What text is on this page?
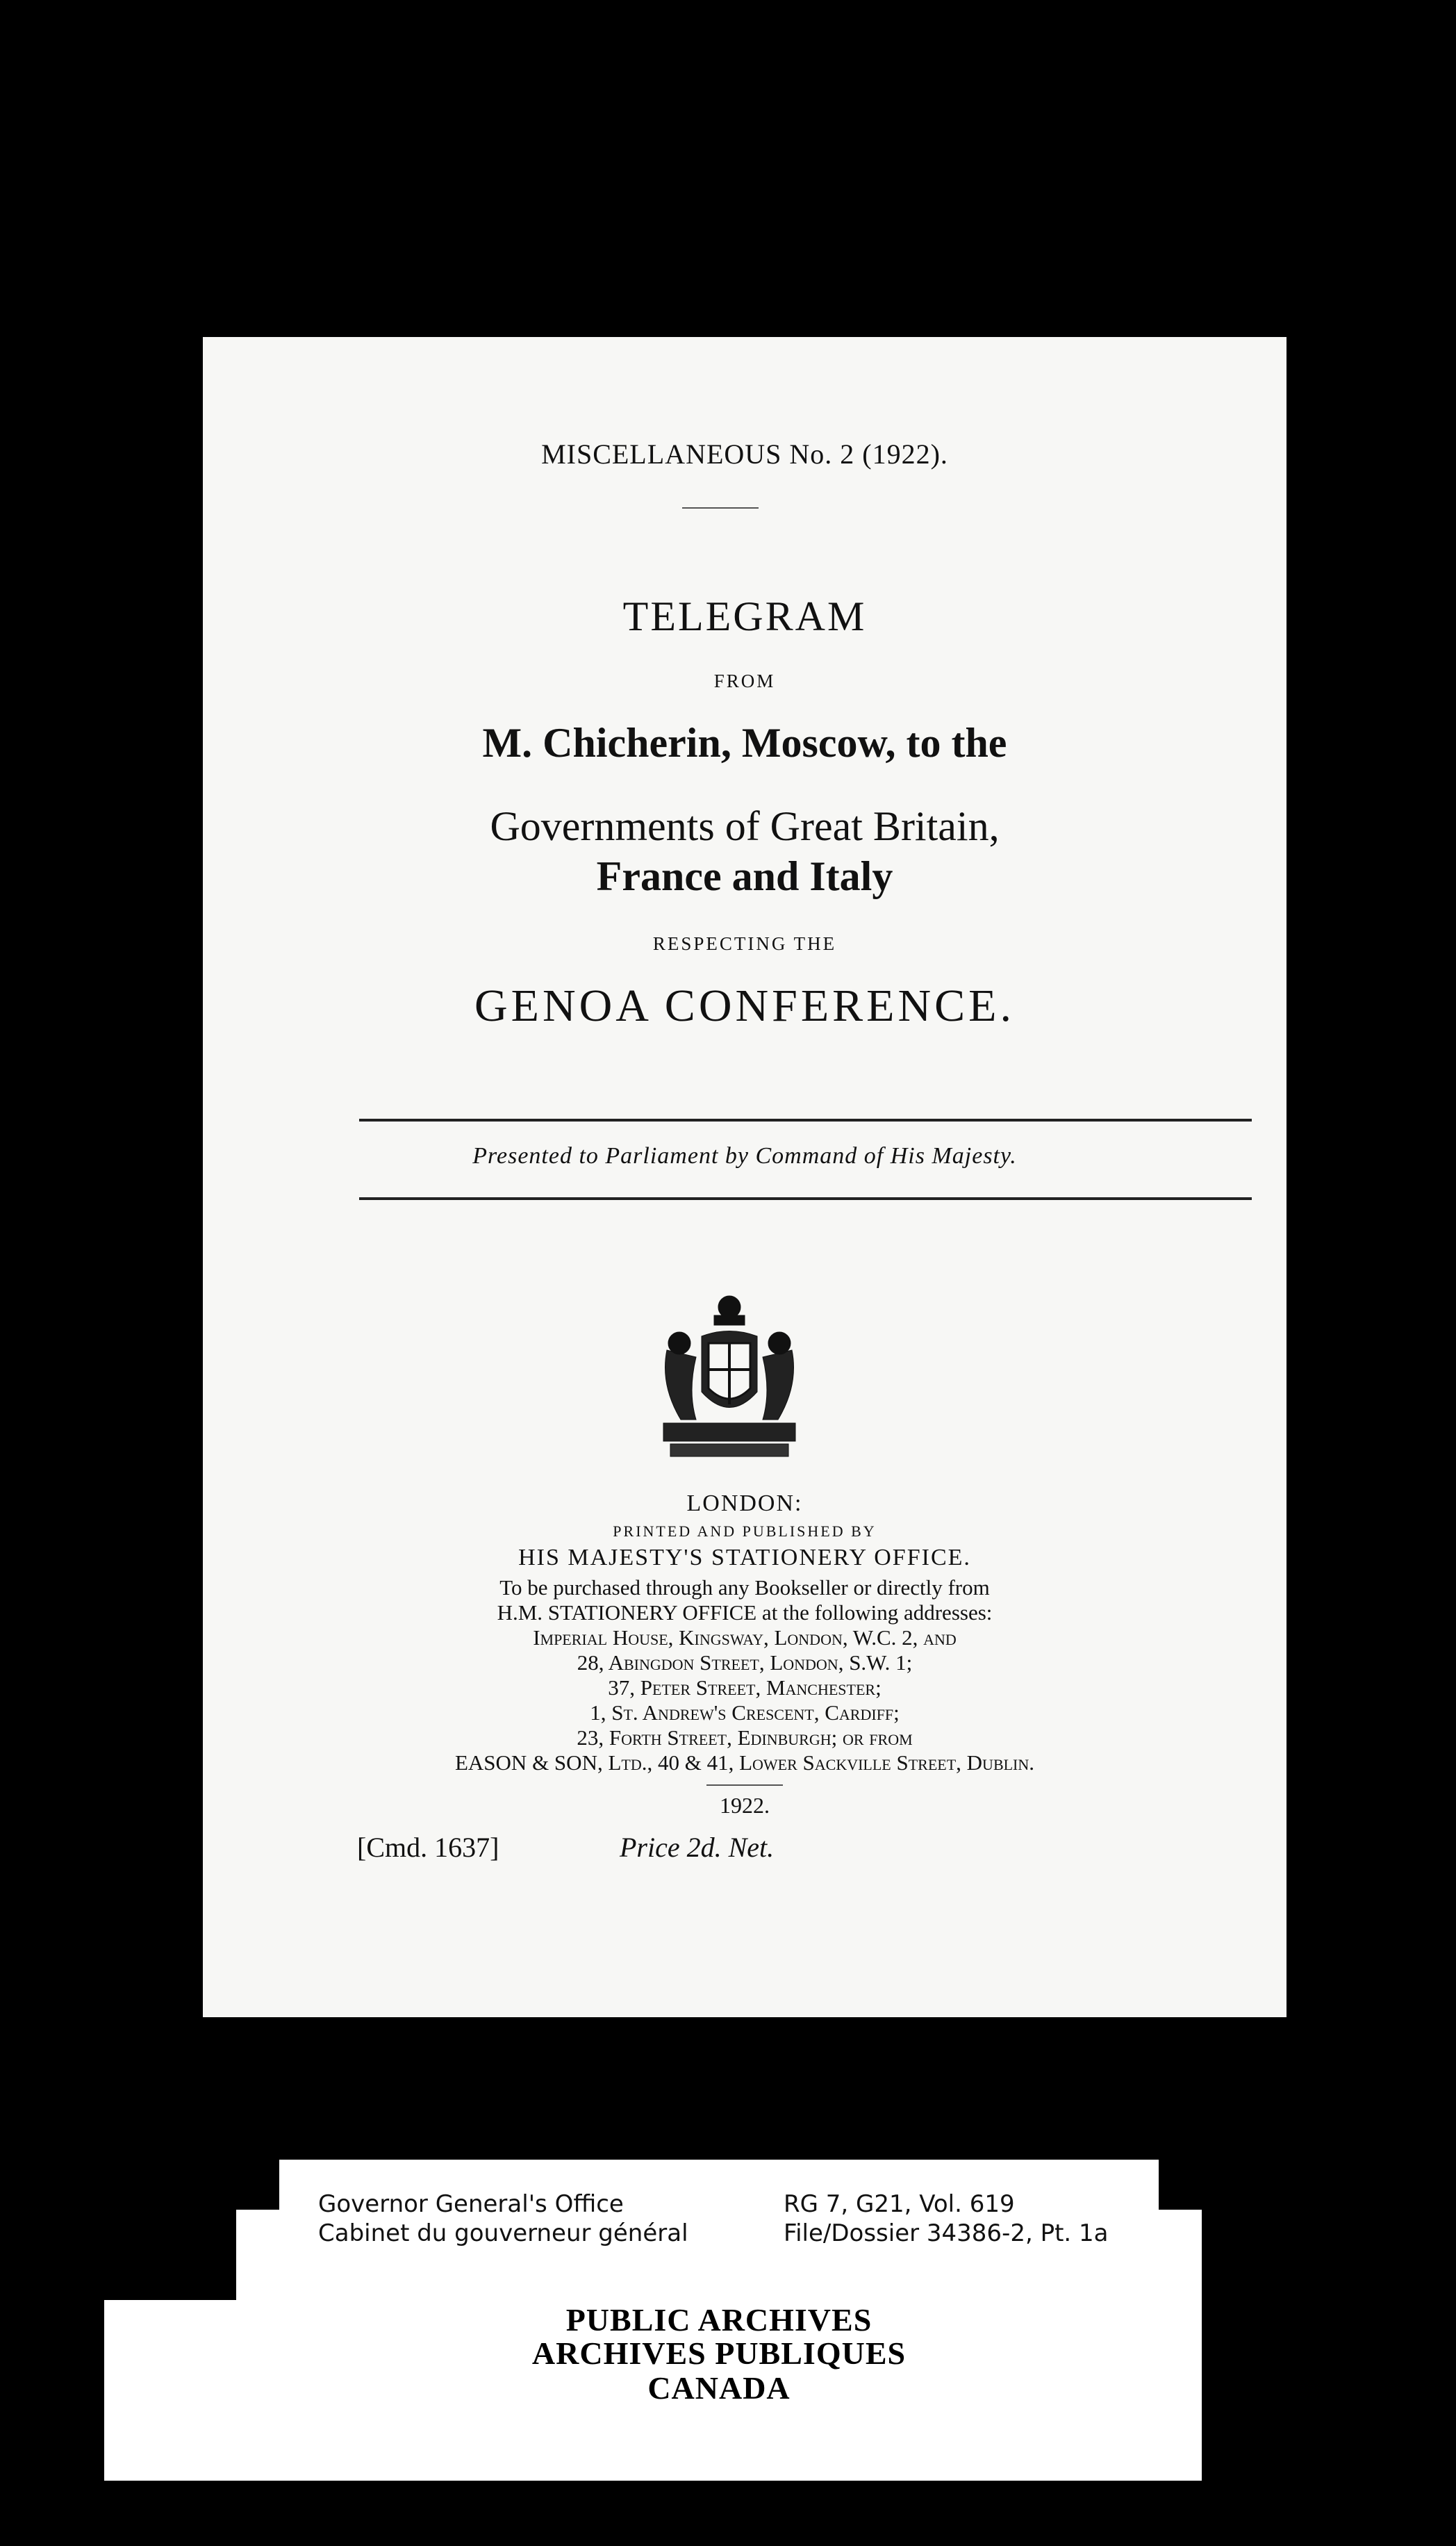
MISCELLANEOUS No. 2 (1922).
TELEGRAM
FROM
M. Chicherin, Moscow, to the
Governments of Great Britain,
France and Italy
RESPECTING THE
GENOA CONFERENCE.
Presented to Parliament by Command of His Majesty.
LONDON:
PRINTED AND PUBLISHED BY
HIS MAJESTY'S STATIONERY OFFICE.
To be purchased through any Bookseller or directly from
H.M. STATIONERY OFFICE at the following addresses:
Imperial House, Kingsway, London, W.C. 2, and
28, Abingdon Street, London, S.W. 1;
37, Peter Street, Manchester;
1, St. Andrew's Crescent, Cardiff;
23, Forth Street, Edinburgh; or from
EASON & SON, Ltd., 40 & 41, Lower Sackville Street, Dublin.
1922.
[Cmd. 1637]	Price 2d. Net.
Governor General's Office
Cabinet du gouverneur général
RG 7, G21, Vol. 619
File/Dossier 34386-2, Pt. 1a
PUBLIC ARCHIVES
ARCHIVES PUBLIQUES
CANADA
